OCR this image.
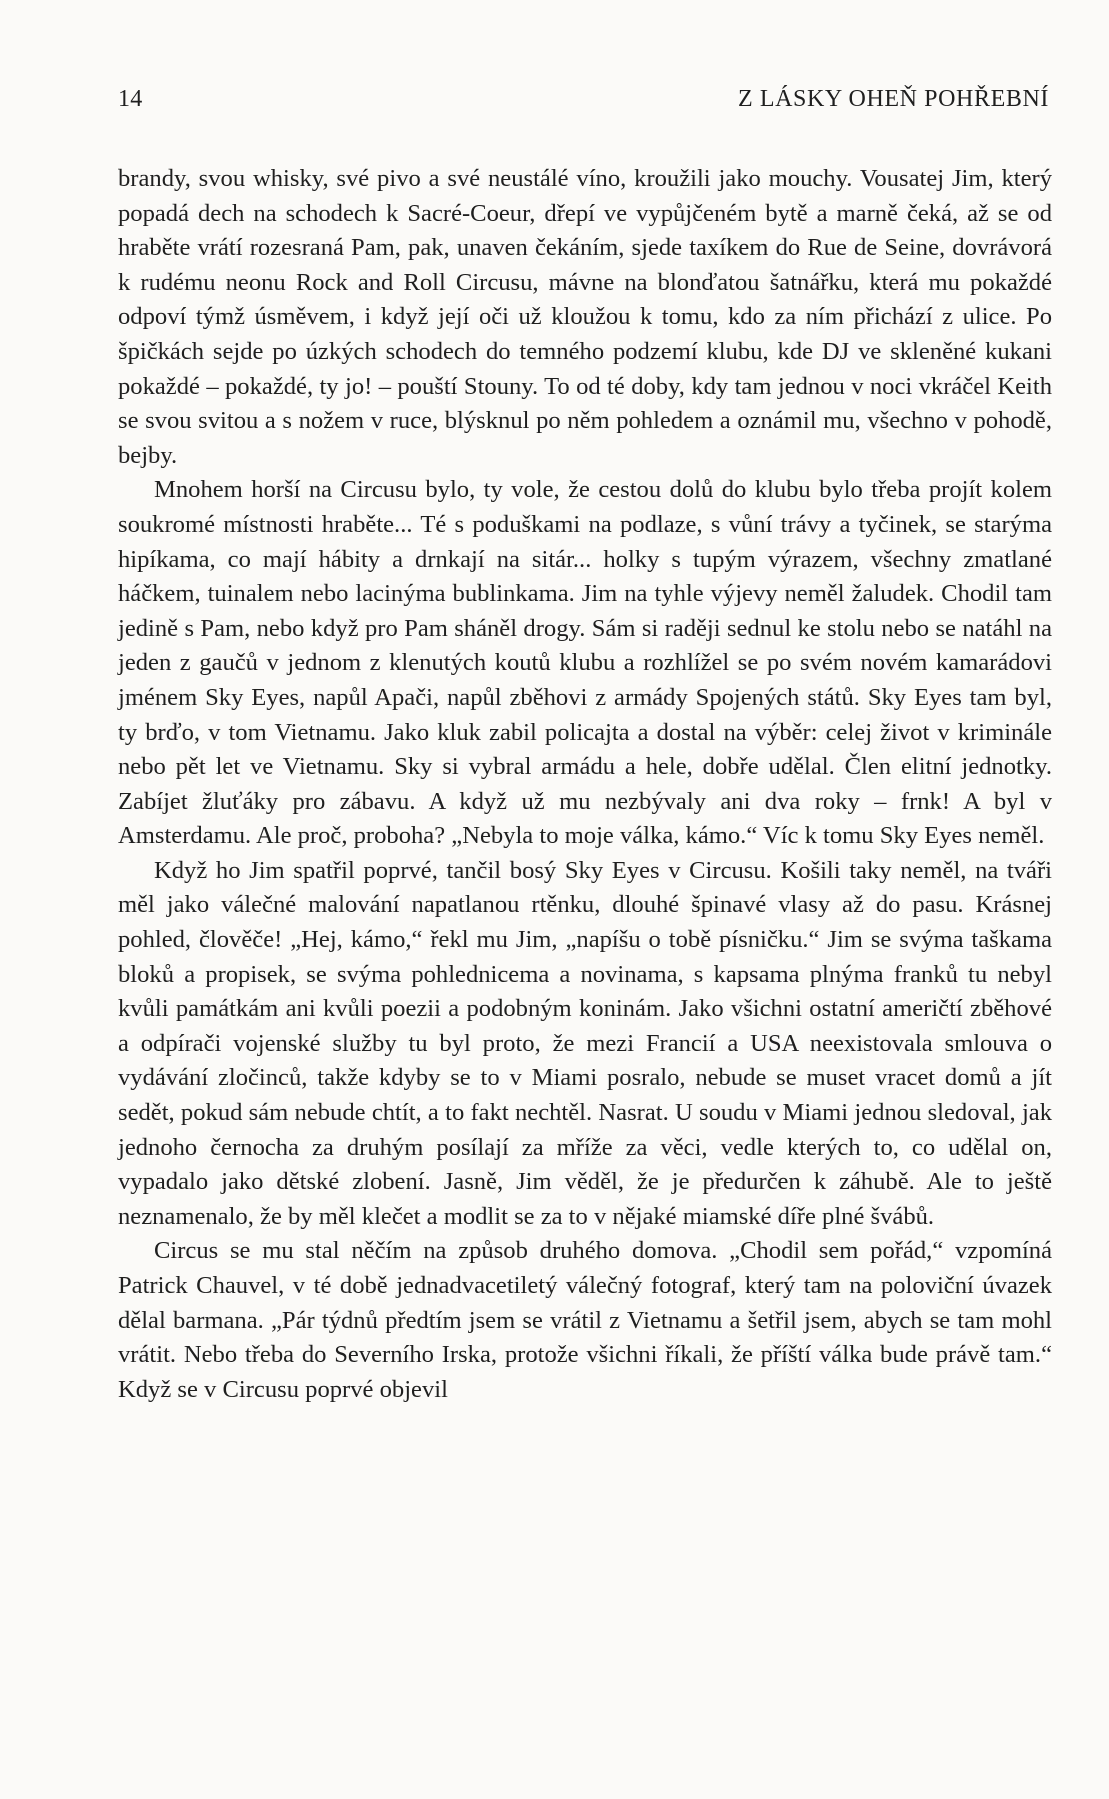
14	Z LÁSKY OHEŇ POHŘEBNÍ

brandy, svou whisky, své pivo a své neustálé víno, kroužili jako mouchy. Vousatej Jim, který popadá dech na schodech k Sacré-Coeur, dřepí ve vypůjčeném bytě a marně čeká, až se od hraběte vrátí rozesraná Pam, pak, unaven čekáním, sjede taxíkem do Rue de Seine, dovrávorá k rudému neonu Rock and Roll Circusu, mávne na blonďatou šatnářku, která mu pokaždé odpoví týmž úsměvem, i když její oči už kloužou k tomu, kdo za ním přichází z ulice. Po špičkách sejde po úzkých schodech do temného podzemí klubu, kde DJ ve skleněné kukani pokaždé – pokaždé, ty jo! – pouští Stouny. To od té doby, kdy tam jednou v noci vkráčel Keith se svou svitou a s nožem v ruce, blýsknul po něm pohledem a oznámil mu, všechno v pohodě, bejby.

Mnohem horší na Circusu bylo, ty vole, že cestou dolů do klubu bylo třeba projít kolem soukromé místnosti hraběte... Té s poduškami na podlaze, s vůní trávy a tyčinek, se starýma hipíkama, co mají hábity a drnkají na sitár... holky s tupým výrazem, všechny zmatlané háčkem, tuinalem nebo lacinýma bublinkama. Jim na tyhle výjevy neměl žaludek. Chodil tam jedině s Pam, nebo když pro Pam sháněl drogy. Sám si raději sednul ke stolu nebo se natáhl na jeden z gaučů v jednom z klenutých koutů klubu a rozhlížel se po svém novém kamarádovi jménem Sky Eyes, napůl Apači, napůl zběhovi z armády Spojených států. Sky Eyes tam byl, ty brďo, v tom Vietnamu. Jako kluk zabil policajta a dostal na výběr: celej život v kriminále nebo pět let ve Vietnamu. Sky si vybral armádu a hele, dobře udělal. Člen elitní jednotky. Zabíjet žluťáky pro zábavu. A když už mu nezbývaly ani dva roky – frnk! A byl v Amsterdamu. Ale proč, proboha? „Nebyla to moje válka, kámo.“ Víc k tomu Sky Eyes neměl.

Když ho Jim spatřil poprvé, tančil bosý Sky Eyes v Circusu. Košili taky neměl, na tváři měl jako válečné malování napatlanou rtěnku, dlouhé špinavé vlasy až do pasu. Krásnej pohled, člověče! „Hej, kámo,“ řekl mu Jim, „napíšu o tobě písničku.“ Jim se svýma taškama bloků a propisek, se svýma pohlednicema a novinama, s kapsama plnýma franků tu nebyl kvůli památkám ani kvůli poezii a podobným koninám. Jako všichni ostatní američtí zběhové a odpírači vojenské služby tu byl proto, že mezi Francií a USA neexistovala smlouva o vydávání zločinců, takže kdyby se to v Miami posralo, nebude se muset vracet domů a jít sedět, pokud sám nebude chtít, a to fakt nechtěl. Nasrat. U soudu v Miami jednou sledoval, jak jednoho černocha za druhým posílají za mříže za věci, vedle kterých to, co udělal on, vypadalo jako dětské zlobení. Jasně, Jim věděl, že je předurčen k záhubě. Ale to ještě neznamenalo, že by měl klečet a modlit se za to v nějaké miamské díře plné švábů.

Circus se mu stal něčím na způsob druhého domova. „Chodil sem pořád,“ vzpomíná Patrick Chauvel, v té době jednadvacetiletý válečný fotograf, který tam na poloviční úvazek dělal barmana. „Pár týdnů předtím jsem se vrátil z Vietnamu a šetřil jsem, abych se tam mohl vrátit. Nebo třeba do Severního Irska, protože všichni říkali, že příští válka bude právě tam.“ Když se v Circusu poprvé objevil
